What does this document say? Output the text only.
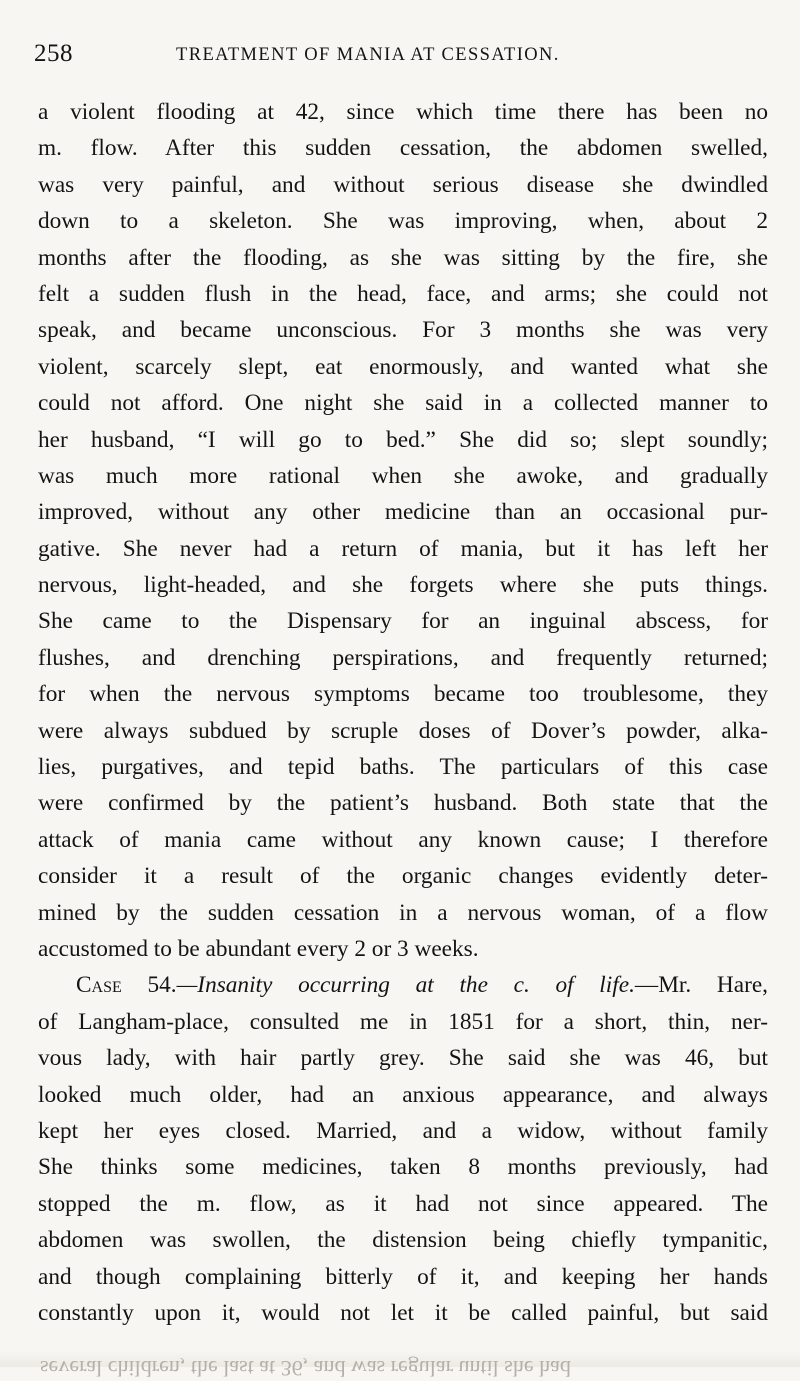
258	TREATMENT OF MANIA AT CESSATION.
a violent flooding at 42, since which time there has been no
m. flow. After this sudden cessation, the abdomen swelled,
was very painful, and without serious disease she dwindled
down to a skeleton. She was improving, when, about 2
months after the flooding, as she was sitting by the fire, she
felt a sudden flush in the head, face, and arms; she could not
speak, and became unconscious. For 3 months she was very
violent, scarcely slept, eat enormously, and wanted what she
could not afford. One night she said in a collected manner to
her husband, “I will go to bed.” She did so; slept soundly;
was much more rational when she awoke, and gradually
improved, without any other medicine than an occasional pur-
gative. She never had a return of mania, but it has left her
nervous, light-headed, and she forgets where she puts things.
She came to the Dispensary for an inguinal abscess, for
flushes, and drenching perspirations, and frequently returned;
for when the nervous symptoms became too troublesome, they
were always subdued by scruple doses of Dover’s powder, alka-
lies, purgatives, and tepid baths. The particulars of this case
were confirmed by the patient’s husband. Both state that the
attack of mania came without any known cause; I therefore
consider it a result of the organic changes evidently deter-
mined by the sudden cessation in a nervous woman, of a flow
accustomed to be abundant every 2 or 3 weeks.
Case 54.—Insanity occurring at the c. of life.—Mr. Hare,
of Langham-place, consulted me in 1851 for a short, thin, ner-
vous lady, with hair partly grey. She said she was 46, but
looked much older, had an anxious appearance, and always
kept her eyes closed. Married, and a widow, without family
She thinks some medicines, taken 8 months previously, had
stopped the m. flow, as it had not since appeared. The
abdomen was swollen, the distension being chiefly tympanitic,
and though complaining bitterly of it, and keeping her hands
constantly upon it, would not let it be called painful, but said
several children, the last at 36, and was regular until she had
